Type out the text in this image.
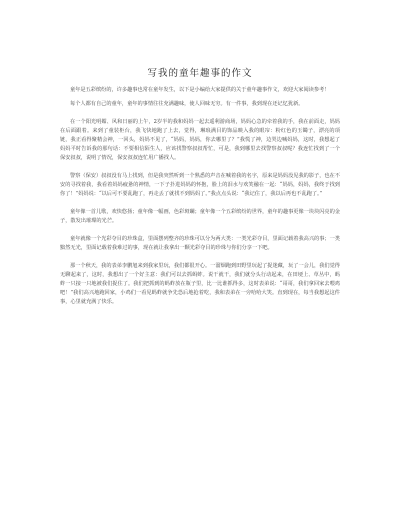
写我的童年趣事的作文

童年是五彩缤纷的，许多趣事也常在童年发生，以下是小编给大家提供的关于童年趣事作文，欢迎大家阅读参考！

每个人都有自己的童年，童年的事情往往充满趣味，使人回味无穷。有一件事，我到现在还记忆犹新。

在一个阳光明媚、风和日丽的上午，2岁半的我和妈妈一起去遥利游商场，妈妈心急的牵着我的手，我在前面走，妈妈在后面跟着。来到了童装柜台，我飞快地跑了上去，觉得，琳琅满目的饰品映入我的眼帘：粉红色的玉镯子，漂亮的项链，我正看得聚精会神，一回头，妈妈不见了，“妈妈，妈妈，你去哪里了？”我慌了神，边哭边喊妈妈，这时，我想起了妈妈平时告诉我的那句话：不要相信陌生人，应该找警察叔叔帮忙，可是，我到哪里去找警察叔叔呢？我连忙找到了一个保安叔叔，说明了情况，保安叔叔连忙用广播找人。

警察（保安）叔叔没有马上找到，但是我突然听到一个熟悉的声音在喊着我的名字，原来是妈妈没见我的影子，也在不安的寻找着我，我看着妈妈疲惫的神情，一下子扑进妈妈的怀抱，脸上的泪水与欢笑融在一起：“妈妈，妈妈，我终于找到你了！”妈妈说：“以后可不要乱跑了，再走丢了就找不到妈妈了。”我点点头说：“我记住了，我以后再也不乱跑了。”

童年像一首儿歌，欢快悠扬；童年像一幅画，色彩斑斓；童年像一个五彩缤纷的世界，童年的趣事更像一块块闪亮的金子，散发出璀璨的光芒。

童年就像一个光彩夺目的珍珠盒，里面摆列整齐的珍珠可以分为两大类：一类光彩夺目，里面记载着我高兴的事；一类黯然无光，里面记载着我难过的事，现在就让我拿出一颗光彩夺目的珍珠与你们分享一下吧。

那一个秋天，我的表弟李鹏旭来到我家里玩，我们都很开心。一溜烟跑到田野里玩起了捉迷藏，玩了一会儿，我们觉得无聊起来了，这时，我想出了一个好主意：我们可以去抓蚂蚱。说干就干，我们就分头行动起来，在田埂上、草丛中，蚂蚱一只接一只地被我们捉住了。我们把抓到的蚂蚱放在瓶子里，比一比谁抓得多，这时表弟说：“哥哥，我们拿回家去喂鸡吧！”我们高兴地跑回家，小鸡们一看见蚂蚱就争先恐后地抢着吃，我和表弟在一旁哈哈大笑。直到现在，每当我想起这件事，心里就充满了快乐。
